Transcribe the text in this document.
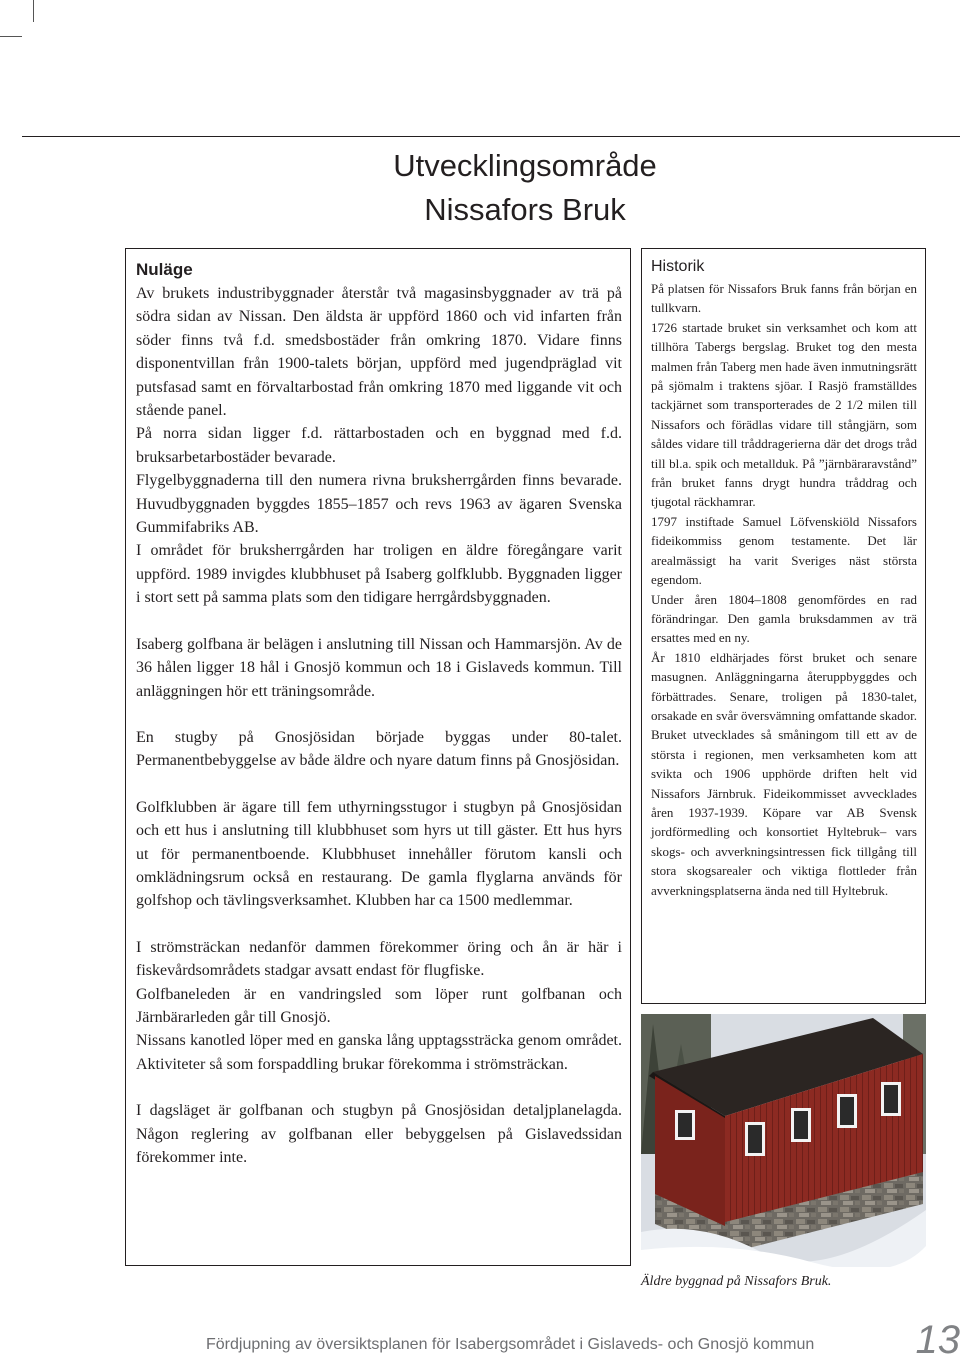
Utvecklingsområde
Nissafors Bruk
Nuläge

Av brukets industribyggnader återstår två magasinsbyggnader av trä på södra sidan av Nissan. Den äldsta är uppförd 1860 och vid infarten från söder finns två f.d. smedsbostäder från omkring 1870. Vidare finns disponentvillan från 1900-talets början, uppförd med jugendpräglad vit putsfasad samt en förvaltarbostad från omkring 1870 med liggande vit och stående panel.

På norra sidan ligger f.d. rättarbostaden och en byggnad med f.d. bruksarbetarbostäder bevarade.

Flygelbyggnaderna till den numera rivna bruksherrgården finns bevarade. Huvudbyggnaden byggdes 1855–1857 och revs 1963 av ägaren Svenska Gummifabriks AB.

I området för bruksherrgården har troligen en äldre föregångare varit uppförd. 1989 invigdes klubbhuset på Isaberg golfklubb. Byggnaden ligger i stort sett på samma plats som den tidigare herrgårdsbyggnaden.

Isaberg golfbana är belägen i anslutning till Nissan och Hammarsjön. Av de 36 hålen ligger 18 hål i Gnosjö kommun och 18 i Gislaveds kommun. Till anläggningen hör ett träningsområde.

En stugby på Gnosjösidan började byggas under 80-talet. Permanentbebyggelse av både äldre och nyare datum finns på Gnosjösidan.

Golfklubben är ägare till fem uthyrningsstugor i stugbyn på Gnosjösidan och ett hus i anslutning till klubbhuset som hyrs ut till gäster. Ett hus hyrs ut för permanentboende. Klubbhuset innehåller förutom kansli och omklädningsrum också en restaurang. De gamla flyglarna används för golfshop och tävlingsverksamhet. Klubben har ca 1500 medlemmar.

I strömsträckan nedanför dammen förekommer öring och ån är här i fiskevårdsområdets stadgar avsatt endast för flugfiske.

Golfbaneleden är en vandringsled som löper runt golfbanan och Järnbärarleden går till Gnosjö.

Nissans kanotled löper med en ganska lång upptagssträcka genom området. Aktiviteter så som forspaddling brukar förekomma i strömsträckan.

I dagsläget är golfbanan och stugbyn på Gnosjösidan detaljplanelagda. Någon reglering av golfbanan eller bebyggelsen på Gislavedssidan förekommer inte.

Historik

På platsen för Nissafors Bruk fanns från början en tullkvarn.

1726 startade bruket sin verksamhet och kom att tillhöra Tabergs bergslag. Bruket tog den mesta malmen från Taberg men hade även inmutningsrätt på sjömalm i traktens sjöar. I Rasjö framställdes tackjärnet som transporterades de 2 1/2 milen till Nissafors och förädlas vidare till stångjärn, som såldes vidare till tråddragerierna där det drogs tråd till bl.a. spik och metallduk. På ”järnbäraravstånd” från bruket fanns drygt hundra tråddrag och tjugotal räckhamrar.

1797 instiftade Samuel Löfvenskiöld Nissafors fideikommiss genom testamente. Det lär arealmässigt ha varit Sveriges näst största egendom.

Under åren 1804–1808 genomfördes en rad förändringar. Den gamla bruksdammen av trä ersattes med en ny.

År 1810 eldhärjades först bruket och senare masugnen. Anläggningarna återuppbyggdes och förbättrades. Senare, troligen på 1830-talet, orsakade en svår översvämning omfattande skador. Bruket utvecklades så småningom till ett av de största i regionen, men verksamheten kom att svikta och 1906 upphörde driften helt vid Nissafors Järnbruk. Fideikommisset avvecklades åren 1937-1939. Köpare var AB Svensk jordförmedling och konsortiet Hyltebruk– vars skogs- och avverkningsintressen fick tillgång till stora skogsarealer och viktiga flottleder från avverkningsplatserna ända ned till Hyltebruk.

Äldre byggnad på Nissafors Bruk.
Fördjupning av översiktsplanen för Isabergsområdet i Gislaveds- och Gnosjö kommun	13
